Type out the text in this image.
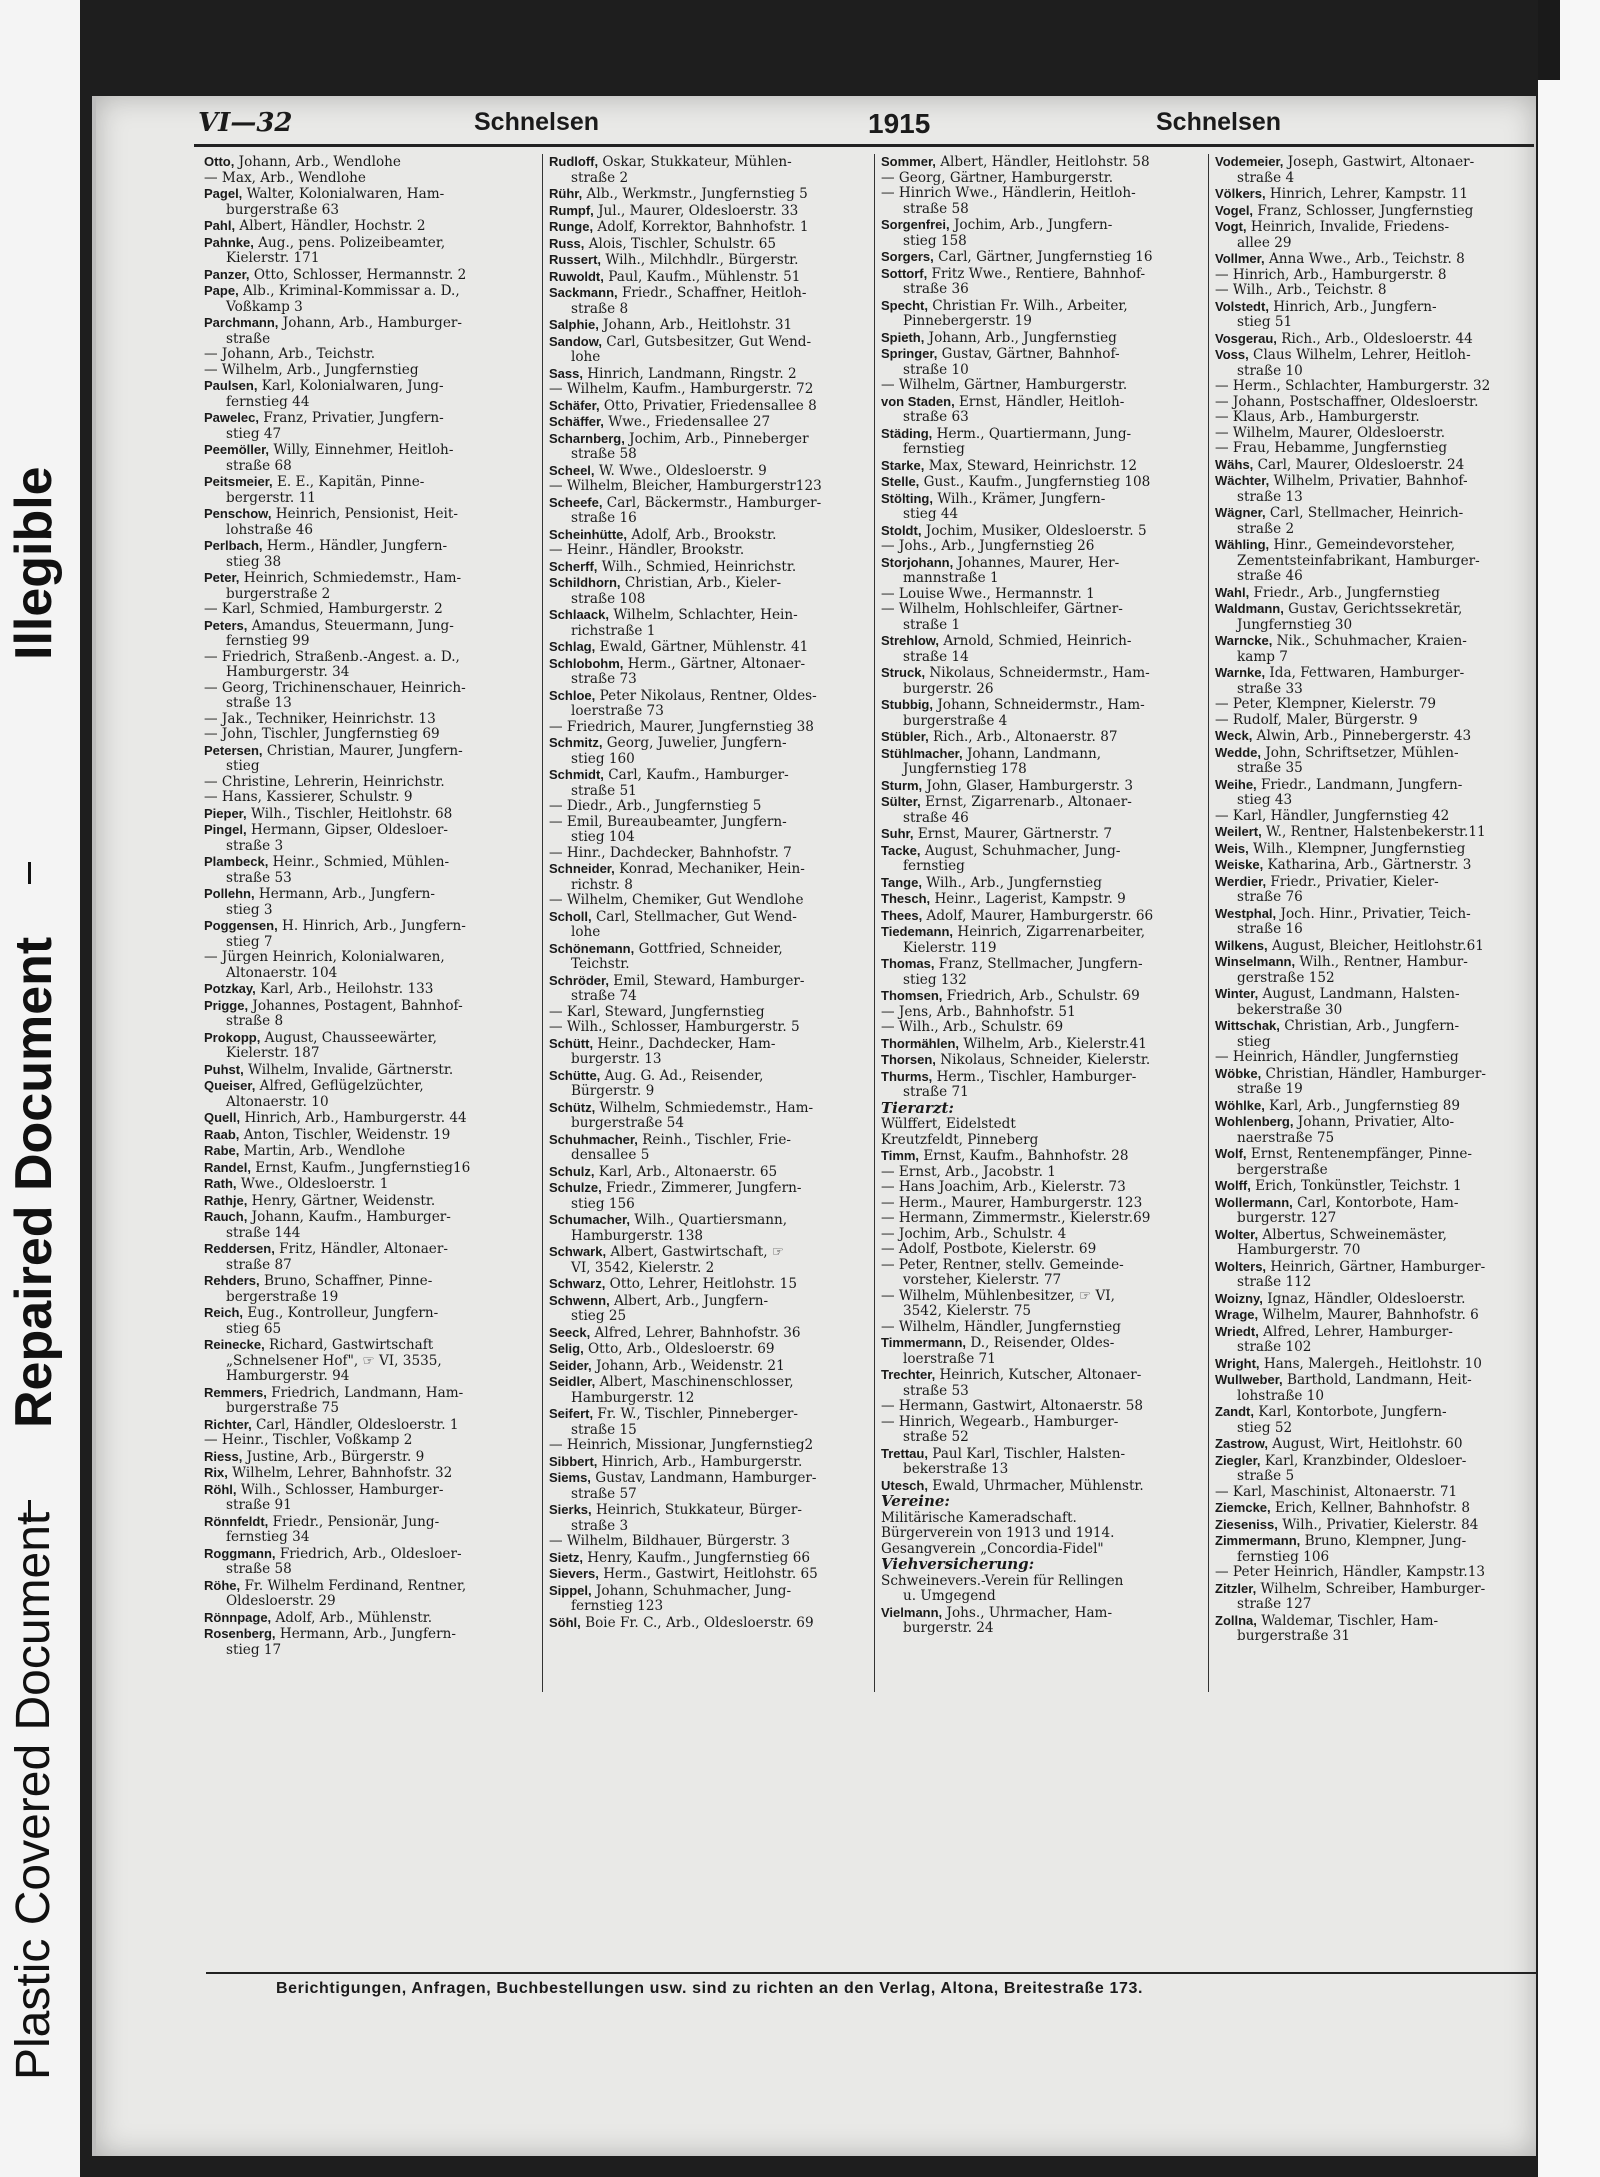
Illegible
Repaired Document
Plastic Covered Document
VI—32	Schnelsen	1915	Schnelsen

Otto, Johann, Arb., Wendlohe

— Max, Arb., Wendlohe

Pagel, Walter, Kolonialwaren, Ham-

burgerstraße 63

Pahl, Albert, Händler, Hochstr. 2

Pahnke, Aug., pens. Polizeibeamter,

Kielerstr. 171

Panzer, Otto, Schlosser, Hermannstr. 2

Pape, Alb., Kriminal-Kommissar a. D.,

Voßkamp 3

Parchmann, Johann, Arb., Hamburger-

straße

— Johann, Arb., Teichstr.

— Wilhelm, Arb., Jungfernstieg

Paulsen, Karl, Kolonialwaren, Jung-

fernstieg 44

Pawelec, Franz, Privatier, Jungfern-

stieg 47

Peemöller, Willy, Einnehmer, Heitloh-

straße 68

Peitsmeier, E. E., Kapitän, Pinne-

bergerstr. 11

Penschow, Heinrich, Pensionist, Heit-

lohstraße 46

Perlbach, Herm., Händler, Jungfern-

stieg 38

Peter, Heinrich, Schmiedemstr., Ham-

burgerstraße 2

— Karl, Schmied, Hamburgerstr. 2

Peters, Amandus, Steuermann, Jung-

fernstieg 99

— Friedrich, Straßenb.-Angest. a. D.,

Hamburgerstr. 34

— Georg, Trichinenschauer, Heinrich-

straße 13

— Jak., Techniker, Heinrichstr. 13

— John, Tischler, Jungfernstieg 69

Petersen, Christian, Maurer, Jungfern-

stieg

— Christine, Lehrerin, Heinrichstr.

— Hans, Kassierer, Schulstr. 9

Pieper, Wilh., Tischler, Heitlohstr. 68

Pingel, Hermann, Gipser, Oldesloer-

straße 3

Plambeck, Heinr., Schmied, Mühlen-

straße 53

Pollehn, Hermann, Arb., Jungfern-

stieg 3

Poggensen, H. Hinrich, Arb., Jungfern-

stieg 7

— Jürgen Heinrich, Kolonialwaren,

Altonaerstr. 104

Potzkay, Karl, Arb., Heilohstr. 133

Prigge, Johannes, Postagent, Bahnhof-

straße 8

Prokopp, August, Chausseewärter,

Kielerstr. 187

Puhst, Wilhelm, Invalide, Gärtnerstr.

Queiser, Alfred, Geflügelzüchter,

Altonaerstr. 10

Quell, Hinrich, Arb., Hamburgerstr. 44

Raab, Anton, Tischler, Weidenstr. 19

Rabe, Martin, Arb., Wendlohe

Randel, Ernst, Kaufm., Jungfernstieg16

Rath, Wwe., Oldesloerstr. 1

Rathje, Henry, Gärtner, Weidenstr.

Rauch, Johann, Kaufm., Hamburger-

straße 144

Reddersen, Fritz, Händler, Altonaer-

straße 87

Rehders, Bruno, Schaffner, Pinne-

bergerstraße 19

Reich, Eug., Kontrolleur, Jungfern-

stieg 65

Reinecke, Richard, Gastwirtschaft

„Schnelsener Hof", ☞ VI, 3535,

Hamburgerstr. 94

Remmers, Friedrich, Landmann, Ham-

burgerstraße 75

Richter, Carl, Händler, Oldesloerstr. 1

— Heinr., Tischler, Voßkamp 2

Riess, Justine, Arb., Bürgerstr. 9

Rix, Wilhelm, Lehrer, Bahnhofstr. 32

Röhl, Wilh., Schlosser, Hamburger-

straße 91

Rönnfeldt, Friedr., Pensionär, Jung-

fernstieg 34

Roggmann, Friedrich, Arb., Oldesloer-

straße 58

Röhe, Fr. Wilhelm Ferdinand, Rentner,

Oldesloerstr. 29

Rönnpage, Adolf, Arb., Mühlenstr.

Rosenberg, Hermann, Arb., Jungfern-

stieg 17

Rudloff, Oskar, Stukkateur, Mühlen-

straße 2

Rühr, Alb., Werkmstr., Jungfernstieg 5

Rumpf, Jul., Maurer, Oldesloerstr. 33

Runge, Adolf, Korrektor, Bahnhofstr. 1

Russ, Alois, Tischler, Schulstr. 65

Russert, Wilh., Milchhdlr., Bürgerstr.

Ruwoldt, Paul, Kaufm., Mühlenstr. 51

Sackmann, Friedr., Schaffner, Heitloh-

straße 8

Salphie, Johann, Arb., Heitlohstr. 31

Sandow, Carl, Gutsbesitzer, Gut Wend-

lohe

Sass, Hinrich, Landmann, Ringstr. 2

— Wilhelm, Kaufm., Hamburgerstr. 72

Schäfer, Otto, Privatier, Friedensallee 8

Schäffer, Wwe., Friedensallee 27

Scharnberg, Jochim, Arb., Pinneberger

straße 58

Scheel, W. Wwe., Oldesloerstr. 9

— Wilhelm, Bleicher, Hamburgerstr123

Scheefe, Carl, Bäckermstr., Hamburger-

straße 16

Scheinhütte, Adolf, Arb., Brookstr.

— Heinr., Händler, Brookstr.

Scherff, Wilh., Schmied, Heinrichstr.

Schildhorn, Christian, Arb., Kieler-

straße 108

Schlaack, Wilhelm, Schlachter, Hein-

richstraße 1

Schlag, Ewald, Gärtner, Mühlenstr. 41

Schlobohm, Herm., Gärtner, Altonaer-

straße 73

Schloe, Peter Nikolaus, Rentner, Oldes-

loerstraße 73

— Friedrich, Maurer, Jungfernstieg 38

Schmitz, Georg, Juwelier, Jungfern-

stieg 160

Schmidt, Carl, Kaufm., Hamburger-

straße 51

— Diedr., Arb., Jungfernstieg 5

— Emil, Bureaubeamter, Jungfern-

stieg 104

— Hinr., Dachdecker, Bahnhofstr. 7

Schneider, Konrad, Mechaniker, Hein-

richstr. 8

— Wilhelm, Chemiker, Gut Wendlohe

Scholl, Carl, Stellmacher, Gut Wend-

lohe

Schönemann, Gottfried, Schneider,

Teichstr.

Schröder, Emil, Steward, Hamburger-

straße 74

— Karl, Steward, Jungfernstieg

— Wilh., Schlosser, Hamburgerstr. 5

Schütt, Heinr., Dachdecker, Ham-

burgerstr. 13

Schütte, Aug. G. Ad., Reisender,

Bürgerstr. 9

Schütz, Wilhelm, Schmiedemstr., Ham-

burgerstraße 54

Schuhmacher, Reinh., Tischler, Frie-

densallee 5

Schulz, Karl, Arb., Altonaerstr. 65

Schulze, Friedr., Zimmerer, Jungfern-

stieg 156

Schumacher, Wilh., Quartiersmann,

Hamburgerstr. 138

Schwark, Albert, Gastwirtschaft, ☞

VI, 3542, Kielerstr. 2

Schwarz, Otto, Lehrer, Heitlohstr. 15

Schwenn, Albert, Arb., Jungfern-

stieg 25

Seeck, Alfred, Lehrer, Bahnhofstr. 36

Selig, Otto, Arb., Oldesloerstr. 69

Seider, Johann, Arb., Weidenstr. 21

Seidler, Albert, Maschinenschlosser,

Hamburgerstr. 12

Seifert, Fr. W., Tischler, Pinneberger-

straße 15

— Heinrich, Missionar, Jungfernstieg2

Sibbert, Hinrich, Arb., Hamburgerstr.

Siems, Gustav, Landmann, Hamburger-

straße 57

Sierks, Heinrich, Stukkateur, Bürger-

straße 3

— Wilhelm, Bildhauer, Bürgerstr. 3

Sietz, Henry, Kaufm., Jungfernstieg 66

Sievers, Herm., Gastwirt, Heitlohstr. 65

Sippel, Johann, Schuhmacher, Jung-

fernstieg 123

Söhl, Boie Fr. C., Arb., Oldesloerstr. 69

Sommer, Albert, Händler, Heitlohstr. 58

— Georg, Gärtner, Hamburgerstr.

— Hinrich Wwe., Händlerin, Heitloh-

straße 58

Sorgenfrei, Jochim, Arb., Jungfern-

stieg 158

Sorgers, Carl, Gärtner, Jungfernstieg 16

Sottorf, Fritz Wwe., Rentiere, Bahnhof-

straße 36

Specht, Christian Fr. Wilh., Arbeiter,

Pinnebergerstr. 19

Spieth, Johann, Arb., Jungfernstieg

Springer, Gustav, Gärtner, Bahnhof-

straße 10

— Wilhelm, Gärtner, Hamburgerstr.

von Staden, Ernst, Händler, Heitloh-

straße 63

Städing, Herm., Quartiermann, Jung-

fernstieg

Starke, Max, Steward, Heinrichstr. 12

Stelle, Gust., Kaufm., Jungfernstieg 108

Stölting, Wilh., Krämer, Jungfern-

stieg 44

Stoldt, Jochim, Musiker, Oldesloerstr. 5

— Johs., Arb., Jungfernstieg 26

Storjohann, Johannes, Maurer, Her-

mannstraße 1

— Louise Wwe., Hermannstr. 1

— Wilhelm, Hohlschleifer, Gärtner-

straße 1

Strehlow, Arnold, Schmied, Heinrich-

straße 14

Struck, Nikolaus, Schneidermstr., Ham-

burgerstr. 26

Stubbig, Johann, Schneidermstr., Ham-

burgerstraße 4

Stübler, Rich., Arb., Altonaerstr. 87

Stühlmacher, Johann, Landmann,

Jungfernstieg 178

Sturm, John, Glaser, Hamburgerstr. 3

Sülter, Ernst, Zigarrenarb., Altonaer-

straße 46

Suhr, Ernst, Maurer, Gärtnerstr. 7

Tacke, August, Schuhmacher, Jung-

fernstieg

Tange, Wilh., Arb., Jungfernstieg

Thesch, Heinr., Lagerist, Kampstr. 9

Thees, Adolf, Maurer, Hamburgerstr. 66

Tiedemann, Heinrich, Zigarrenarbeiter,

Kielerstr. 119

Thomas, Franz, Stellmacher, Jungfern-

stieg 132

Thomsen, Friedrich, Arb., Schulstr. 69

— Jens, Arb., Bahnhofstr. 51

— Wilh., Arb., Schulstr. 69

Thormählen, Wilhelm, Arb., Kielerstr.41

Thorsen, Nikolaus, Schneider, Kielerstr.

Thurms, Herm., Tischler, Hamburger-

straße 71

Tierarzt:

Wülffert, Eidelstedt

Kreutzfeldt, Pinneberg

Timm, Ernst, Kaufm., Bahnhofstr. 28

— Ernst, Arb., Jacobstr. 1

— Hans Joachim, Arb., Kielerstr. 73

— Herm., Maurer, Hamburgerstr. 123

— Hermann, Zimmermstr., Kielerstr.69

— Jochim, Arb., Schulstr. 4

— Adolf, Postbote, Kielerstr. 69

— Peter, Rentner, stellv. Gemeinde-

vorsteher, Kielerstr. 77

— Wilhelm, Mühlenbesitzer, ☞ VI,

3542, Kielerstr. 75

— Wilhelm, Händler, Jungfernstieg

Timmermann, D., Reisender, Oldes-

loerstraße 71

Trechter, Heinrich, Kutscher, Altonaer-

straße 53

— Hermann, Gastwirt, Altonaerstr. 58

— Hinrich, Wegearb., Hamburger-

straße 52

Trettau, Paul Karl, Tischler, Halsten-

bekerstraße 13

Utesch, Ewald, Uhrmacher, Mühlenstr.

Vereine:

Militärische Kameradschaft.

Bürgerverein von 1913 und 1914.

Gesangverein „Concordia-Fidel"

Viehversicherung:

Schweinevers.-Verein für Rellingen

u. Umgegend

Vielmann, Johs., Uhrmacher, Ham-

burgerstr. 24

Vodemeier, Joseph, Gastwirt, Altonaer-

straße 4

Völkers, Hinrich, Lehrer, Kampstr. 11

Vogel, Franz, Schlosser, Jungfernstieg

Vogt, Heinrich, Invalide, Friedens-

allee 29

Vollmer, Anna Wwe., Arb., Teichstr. 8

— Hinrich, Arb., Hamburgerstr. 8

— Wilh., Arb., Teichstr. 8

Volstedt, Hinrich, Arb., Jungfern-

stieg 51

Vosgerau, Rich., Arb., Oldesloerstr. 44

Voss, Claus Wilhelm, Lehrer, Heitloh-

straße 10

— Herm., Schlachter, Hamburgerstr. 32

— Johann, Postschaffner, Oldesloerstr.

— Klaus, Arb., Hamburgerstr.

— Wilhelm, Maurer, Oldesloerstr.

— Frau, Hebamme, Jungfernstieg

Wähs, Carl, Maurer, Oldesloerstr. 24

Wächter, Wilhelm, Privatier, Bahnhof-

straße 13

Wägner, Carl, Stellmacher, Heinrich-

straße 2

Wähling, Hinr., Gemeindevorsteher,

Zementsteinfabrikant, Hamburger-

straße 46

Wahl, Friedr., Arb., Jungfernstieg

Waldmann, Gustav, Gerichtssekretär,

Jungfernstieg 30

Warncke, Nik., Schuhmacher, Kraien-

kamp 7

Warnke, Ida, Fettwaren, Hamburger-

straße 33

— Peter, Klempner, Kielerstr. 79

— Rudolf, Maler, Bürgerstr. 9

Weck, Alwin, Arb., Pinnebergerstr. 43

Wedde, John, Schriftsetzer, Mühlen-

straße 35

Weihe, Friedr., Landmann, Jungfern-

stieg 43

— Karl, Händler, Jungfernstieg 42

Weilert, W., Rentner, Halstenbekerstr.11

Weis, Wilh., Klempner, Jungfernstieg

Weiske, Katharina, Arb., Gärtnerstr. 3

Werdier, Friedr., Privatier, Kieler-

straße 76

Westphal, Joch. Hinr., Privatier, Teich-

straße 16

Wilkens, August, Bleicher, Heitlohstr.61

Winselmann, Wilh., Rentner, Hambur-

gerstraße 152

Winter, August, Landmann, Halsten-

bekerstraße 30

Wittschak, Christian, Arb., Jungfern-

stieg

— Heinrich, Händler, Jungfernstieg

Wöbke, Christian, Händler, Hamburger-

straße 19

Wöhlke, Karl, Arb., Jungfernstieg 89

Wohlenberg, Johann, Privatier, Alto-

naerstraße 75

Wolf, Ernst, Rentenempfänger, Pinne-

bergerstraße

Wolff, Erich, Tonkünstler, Teichstr. 1

Wollermann, Carl, Kontorbote, Ham-

burgerstr. 127

Wolter, Albertus, Schweinemäster,

Hamburgerstr. 70

Wolters, Heinrich, Gärtner, Hamburger-

straße 112

Woizny, Ignaz, Händler, Oldesloerstr.

Wrage, Wilhelm, Maurer, Bahnhofstr. 6

Wriedt, Alfred, Lehrer, Hamburger-

straße 102

Wright, Hans, Malergeh., Heitlohstr. 10

Wullweber, Barthold, Landmann, Heit-

lohstraße 10

Zandt, Karl, Kontorbote, Jungfern-

stieg 52

Zastrow, August, Wirt, Heitlohstr. 60

Ziegler, Karl, Kranzbinder, Oldesloer-

straße 5

— Karl, Maschinist, Altonaerstr. 71

Ziemcke, Erich, Kellner, Bahnhofstr. 8

Zieseniss, Wilh., Privatier, Kielerstr. 84

Zimmermann, Bruno, Klempner, Jung-

fernstieg 106

— Peter Heinrich, Händler, Kampstr.13

Zitzler, Wilhelm, Schreiber, Hamburger-

straße 127

Zollna, Waldemar, Tischler, Ham-

burgerstraße 31

Berichtigungen, Anfragen, Buchbestellungen usw. sind zu richten an den Verlag, Altona, Breitestraße 173.
